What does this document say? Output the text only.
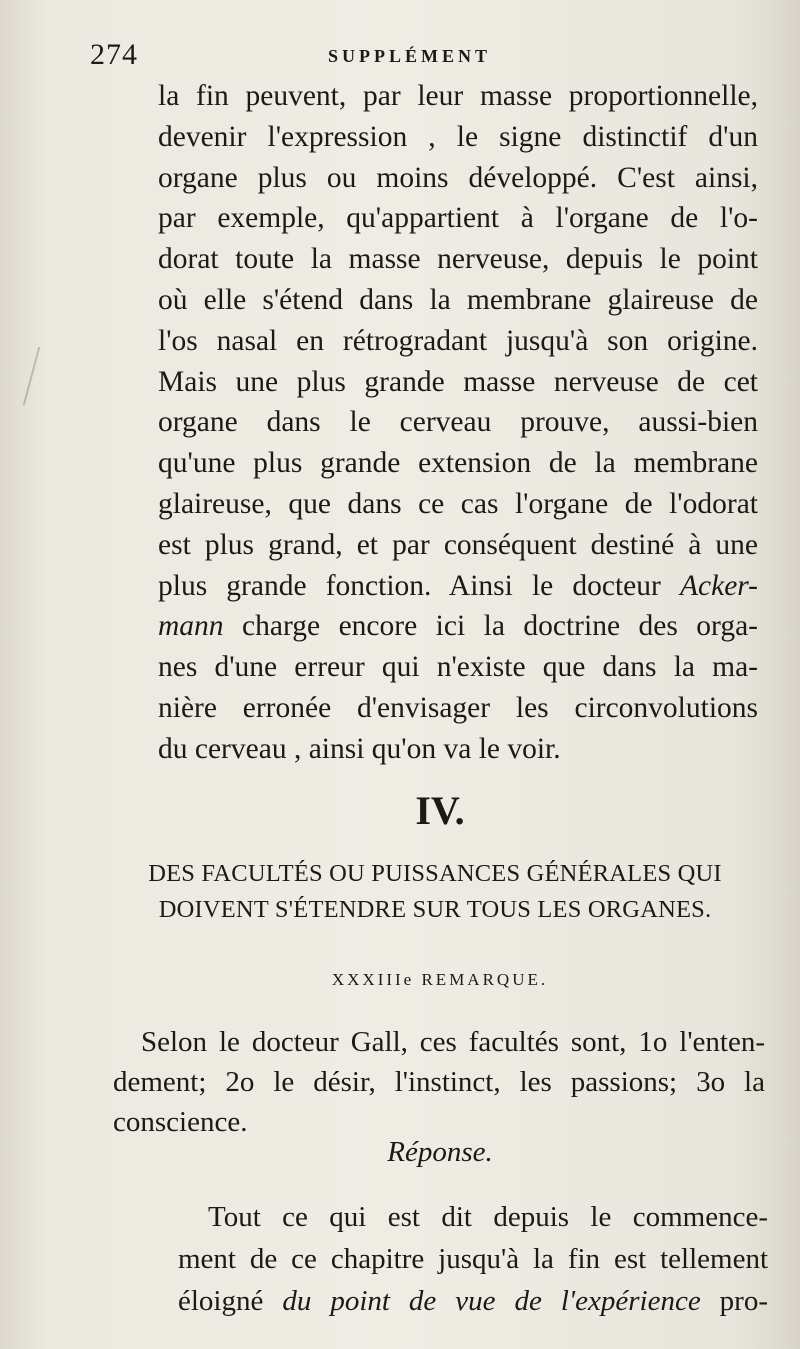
274	SUPPLÉMENT
la fin peuvent, par leur masse proportionnelle,
devenir l'expression , le signe distinctif d'un
organe plus ou moins développé. C'est ainsi,
par exemple, qu'appartient à l'organe de l'o-
dorat toute la masse nerveuse, depuis le point
où elle s'étend dans la membrane glaireuse de
l'os nasal en rétrogradant jusqu'à son origine.
Mais une plus grande masse nerveuse de cet
organe dans le cerveau prouve, aussi-bien
qu'une plus grande extension de la membrane
glaireuse, que dans ce cas l'organe de l'odorat
est plus grand, et par conséquent destiné à une
plus grande fonction. Ainsi le docteur Acker-
mann charge encore ici la doctrine des orga-
nes d'une erreur qui n'existe que dans la ma-
nière erronée d'envisager les circonvolutions
du cerveau , ainsi qu'on va le voir.
IV.
DES FACULTÉS OU PUISSANCES GÉNÉRALES QUI
DOIVENT S'ÉTENDRE SUR TOUS LES ORGANES.
XXXIIIe REMARQUE.
Selon le docteur Gall, ces facultés sont, 1o l'enten-
dement; 2o le désir, l'instinct, les passions; 3o la
conscience.
Réponse.
Tout ce qui est dit depuis le commence-
ment de ce chapitre jusqu'à la fin est tellement
éloigné du point de vue de l'expérience pro-
